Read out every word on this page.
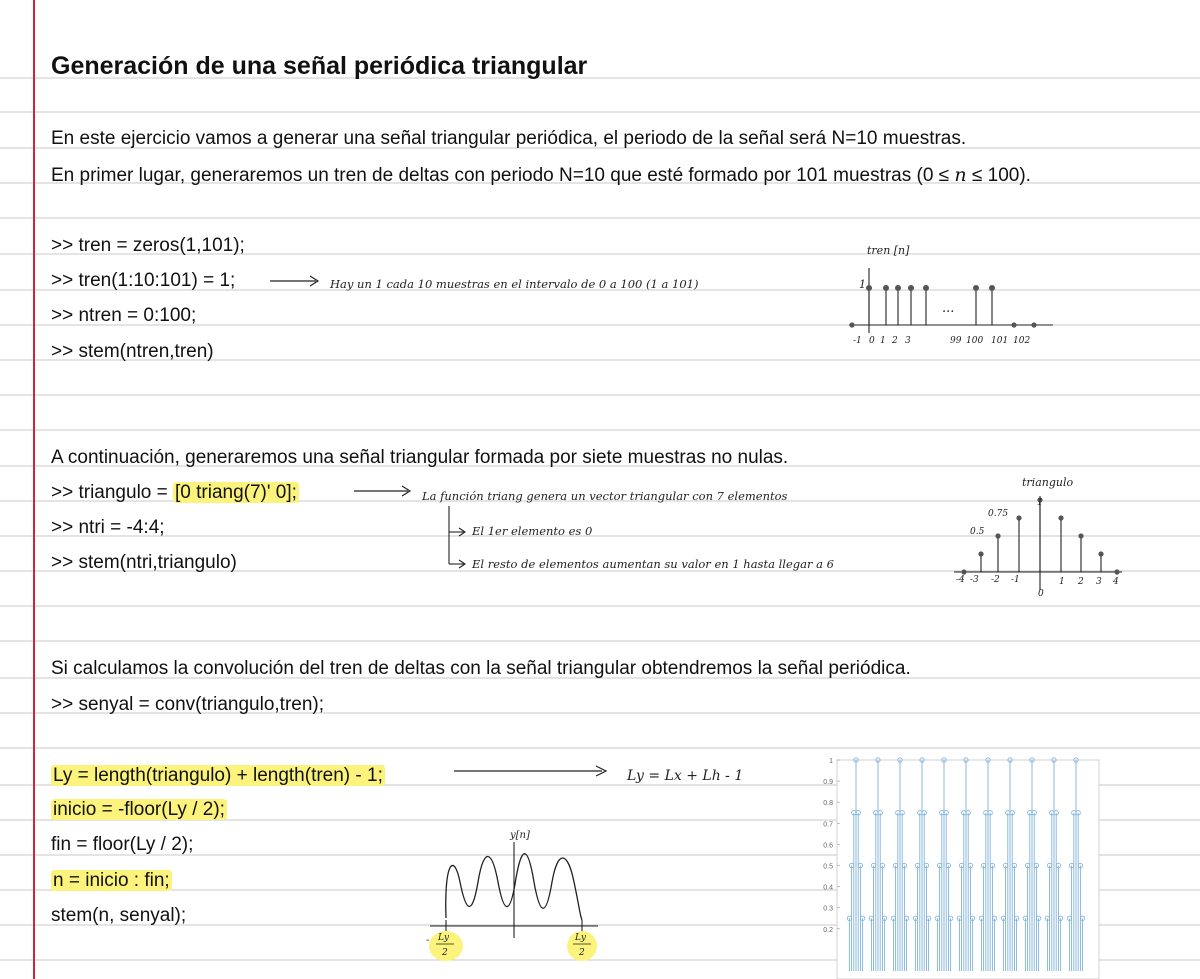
Generación de una señal periódica triangular
En este ejercicio vamos a generar una señal triangular periódica, el periodo de la señal será N=10 muestras.
En primer lugar, generaremos un tren de deltas con periodo N=10 que esté formado por 101 muestras (0 ≤ n ≤ 100).
>> tren = zeros(1,101);
>> tren(1:10:101) = 1;
>> ntren = 0:100;
>> stem(ntren,tren)
Hay un 1 cada 10 muestras en el intervalo de 0 a 100 (1 a 101)
tren [n]
1
...
-1 0 1 2 3	99 100 101 102
A continuación, generaremos una señal triangular formada por siete muestras no nulas.
>> triangulo = [0 triang(7)' 0];
>> ntri = -4:4;
>> stem(ntri,triangulo)
La función triang genera un vector triangular con 7 elementos
El 1er elemento es 0
El resto de elementos aumentan su valor en 1 hasta llegar a 6
triangulo
1
0.75
0.5
-4 -3 -2 -1
0
1 2 3 4
Si calculamos la convolución del tren de deltas con la señal triangular obtendremos la señal periódica.
>> senyal = conv(triangulo,tren);
Ly = length(triangulo) + length(tren) - 1;
inicio = -floor(Ly / 2);
fin = floor(Ly / 2);
n = inicio : fin;
stem(n, senyal);
Ly = Lx + Lh - 1
y[n]
- Ly
2
Ly
2
1
0.9
0.8
0.7
0.6
0.5
0.4
0.3
0.2
